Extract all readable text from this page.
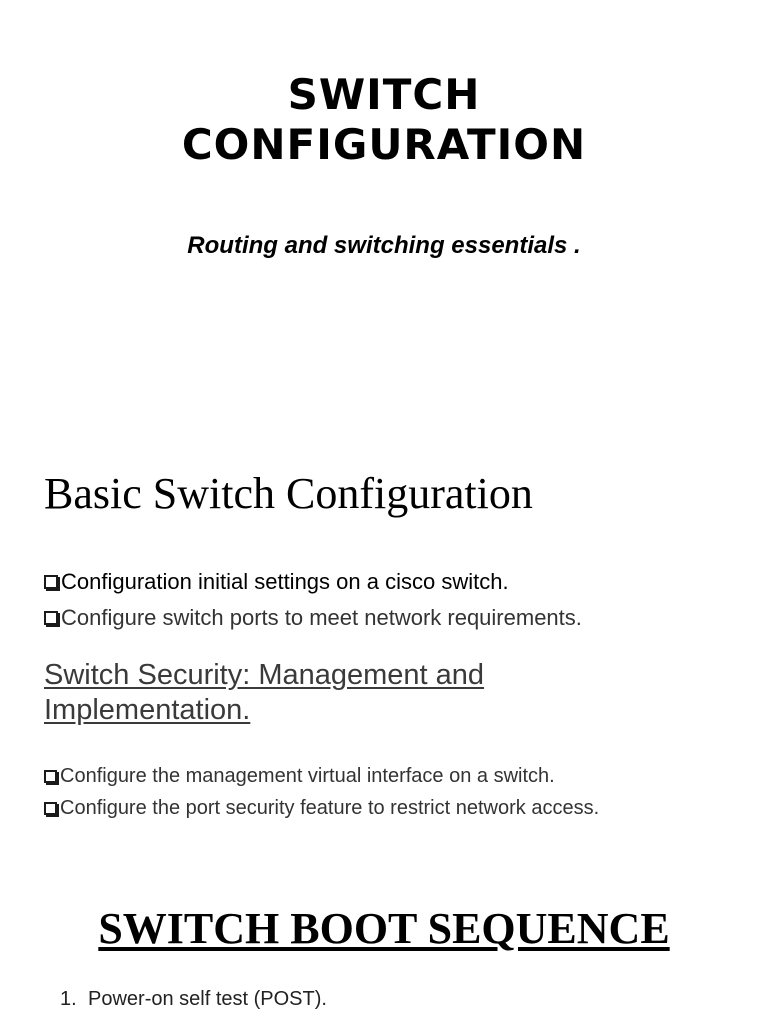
SWITCH
CONFIGURATION
Routing and switching essentials .
Basic Switch Configuration
Configuration initial settings on a cisco switch.
Configure switch ports to meet network requirements.
Switch Security: Management and Implementation.
Configure the management virtual interface on a switch.
Configure the port security feature to restrict network access.
SWITCH BOOT SEQUENCE
1. Power-on self test (POST).
